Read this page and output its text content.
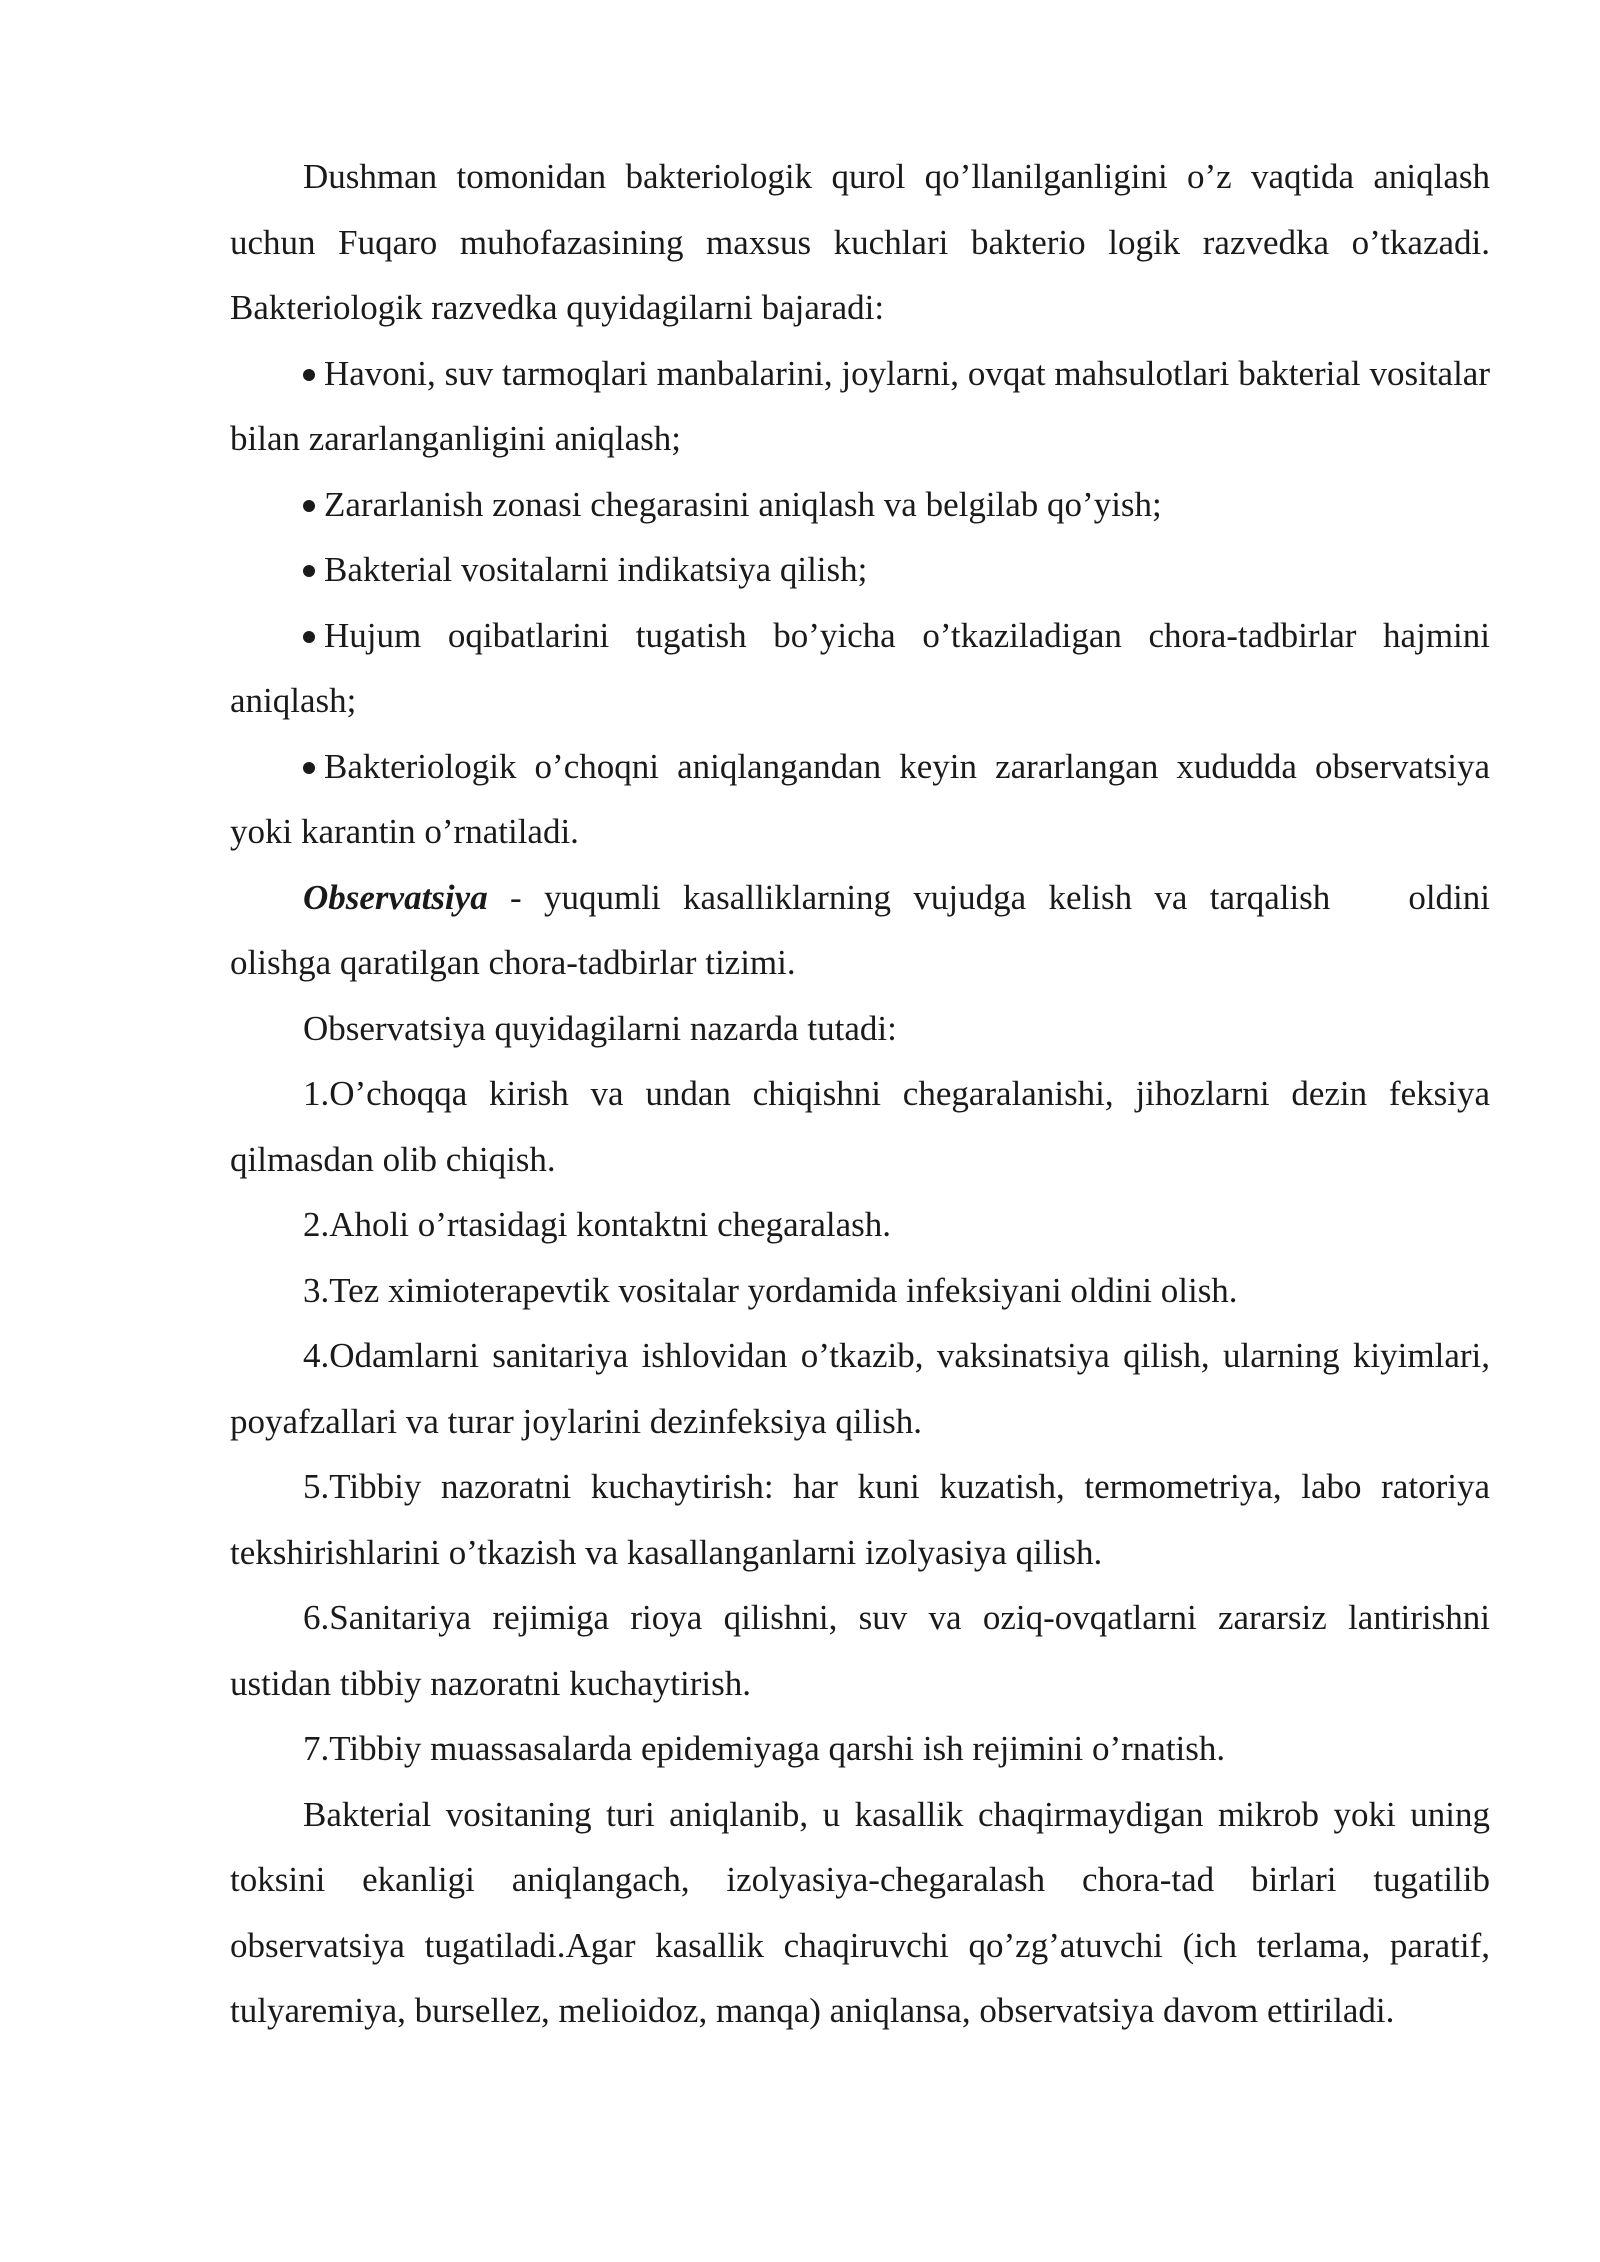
Dushman tomonidan bakteriologik qurol qo’llanilganligini o’z vaqtida aniqlash uchun Fuqaro muhofazasining maxsus kuchlari bakterio logik razvedka o’tkazadi. Bakteriologik razvedka quyidagilarni bajaradi:

Havoni, suv tarmoqlari manbalarini, joylarni, ovqat mahsulotlari bakterial vositalar bilan zararlanganligini aniqlash;

Zararlanish zonasi chegarasini aniqlash va belgilab qo’yish;

Bakterial vositalarni indikatsiya qilish;

Hujum oqibatlarini tugatish bo’yicha o’tkaziladigan chora-tadbirlar hajmini aniqlash;

Bakteriologik o’choqni aniqlangandan keyin zararlangan xududda observatsiya yoki karantin o’rnatiladi.

Observatsiya - yuqumli kasalliklarning vujudga kelish va tarqalish oldini olishga qaratilgan chora-tadbirlar tizimi.

Observatsiya quyidagilarni nazarda tutadi:

1.O’choqqa kirish va undan chiqishni chegaralanishi, jihozlarni dezin feksiya qilmasdan olib chiqish.

2.Aholi o’rtasidagi kontaktni chegaralash.

3.Tez ximioterapevtik vositalar yordamida infeksiyani oldini olish.

4.Odamlarni sanitariya ishlovidan o’tkazib, vaksinatsiya qilish, ularning kiyimlari, poyafzallari va turar joylarini dezinfeksiya qilish.

5.Tibbiy nazoratni kuchaytirish: har kuni kuzatish, termometriya, labo ratoriya tekshirishlarini o’tkazish va kasallanganlarni izolyasiya qilish.

6.Sanitariya rejimiga rioya qilishni, suv va oziq-ovqatlarni zararsiz lantirishni ustidan tibbiy nazoratni kuchaytirish.

7.Tibbiy muassasalarda epidemiyaga qarshi ish rejimini o’rnatish.

Bakterial vositaning turi aniqlanib, u kasallik chaqirmaydigan mikrob yoki uning toksini ekanligi aniqlangach, izolyasiya-chegaralash chora-tad birlari tugatilib observatsiya tugatiladi.Agar kasallik chaqiruvchi qo’zg’atuvchi (ich terlama, paratif, tulyaremiya, bursellez, melioidoz, manqa) aniqlansa, observatsiya davom ettiriladi.
